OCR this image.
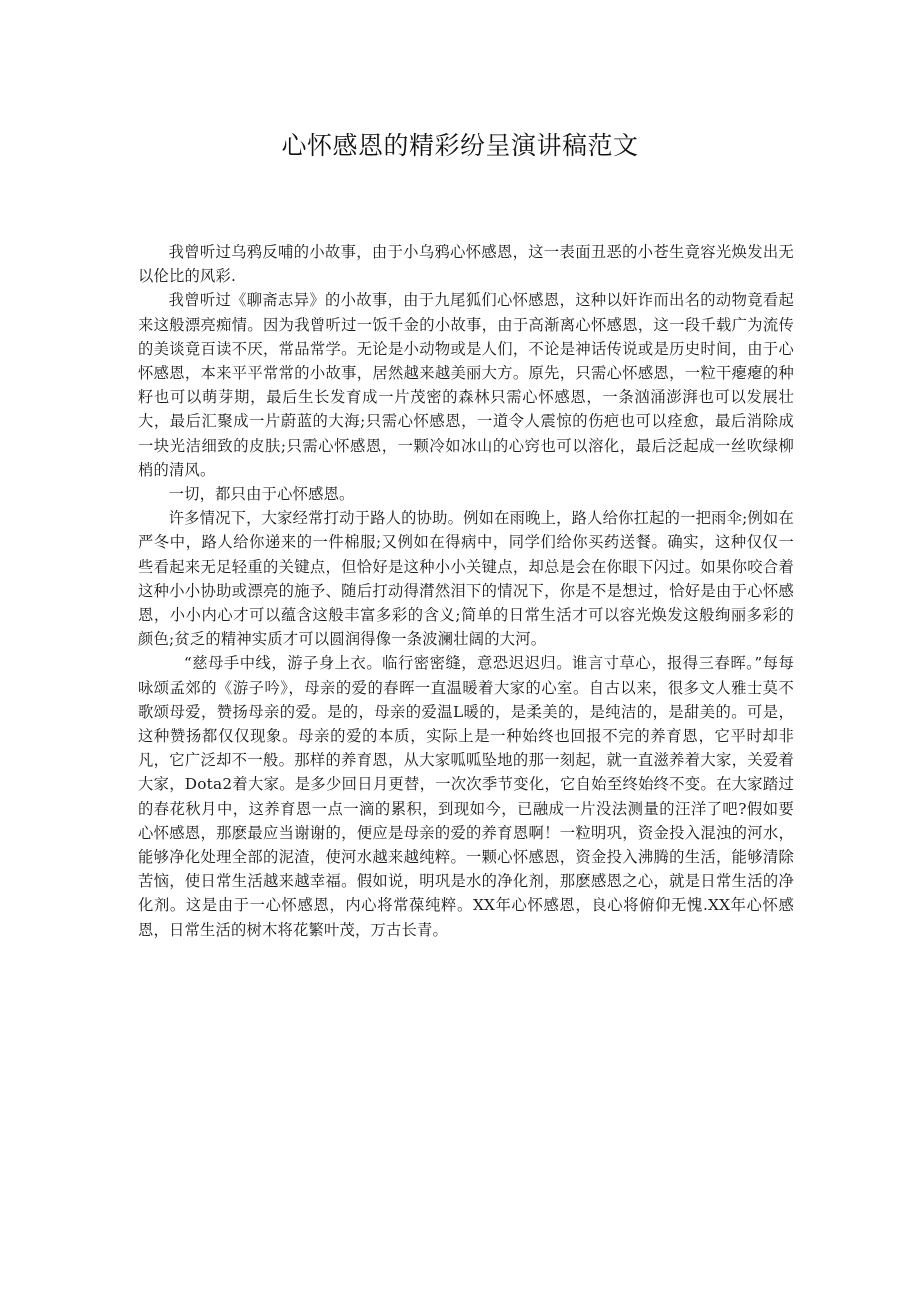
心怀感恩的精彩纷呈演讲稿范文

我曾听过乌鸦反哺的小故事，由于小乌鸦心怀感恩，这一表面丑恶的小苍生竟容光焕发出无以伦比的风彩.

我曾听过《聊斋志异》的小故事，由于九尾狐们心怀感恩，这种以奸诈而出名的动物竟看起来这般漂亮痴情。因为我曾听过一饭千金的小故事，由于高渐离心怀感恩，这一段千载广为流传的美谈竟百读不厌，常品常学。无论是小动物或是人们，不论是神话传说或是历史时间，由于心怀感恩，本来平平常常的小故事，居然越来越美丽大方。原先，只需心怀感恩，一粒干瘪瘪的种籽也可以萌芽期，最后生长发育成一片茂密的森林只需心怀感恩，一条汹涌澎湃也可以发展壮大，最后汇聚成一片蔚蓝的大海;只需心怀感恩，一道令人震惊的伤疤也可以痊愈，最后消除成一块光洁细致的皮肤;只需心怀感恩，一颗冷如冰山的心窍也可以溶化，最后泛起成一丝吹绿柳梢的清风。

一切，都只由于心怀感恩。

许多情况下，大家经常打动于路人的协助。例如在雨晚上，路人给你扛起的一把雨伞;例如在严冬中，路人给你递来的一件棉服;又例如在得病中，同学们给你买药送餐。确实，这种仅仅一些看起来无足轻重的关键点，但恰好是这种小小关键点，却总是会在你眼下闪过。如果你咬合着这种小小协助或漂亮的施予、随后打动得潸然泪下的情况下，你是不是想过，恰好是由于心怀感恩，小小内心才可以蕴含这般丰富多彩的含义;简单的日常生活才可以容光焕发这般绚丽多彩的颜色;贫乏的精神实质才可以圆润得像一条波澜壮阔的大河。

“慈母手中线，游子身上衣。临行密密缝，意恐迟迟归。谁言寸草心，报得三春晖。”每每咏颂孟郊的《游子吟》，母亲的爱的春晖一直温暖着大家的心室。自古以来，很多文人雅士莫不歌颂母爱，赞扬母亲的爱。是的，母亲的爱温L暖的，是柔美的，是纯洁的，是甜美的。可是，这种赞扬都仅仅现象。母亲的爱的本质，实际上是一种始终也回报不完的养育恩，它平时却非凡，它广泛却不一般。那样的养育恩，从大家呱呱坠地的那一刻起，就一直滋养着大家，关爱着大家，Dota2着大家。是多少回日月更替，一次次季节变化，它自始至终始终不变。在大家踏过的春花秋月中，这养育恩一点一滴的累积，到现如今，已融成一片没法测量的汪洋了吧?假如要心怀感恩，那麽最应当谢谢的，便应是母亲的爱的养育恩啊！一粒明巩，资金投入混浊的河水，能够净化处理全部的泥渣，使河水越来越纯粹。一颗心怀感恩，资金投入沸腾的生活，能够清除苦恼，使日常生活越来越幸福。假如说，明巩是水的净化剂，那麽感恩之心，就是日常生活的净化剂。这是由于一心怀感恩，内心将常葆纯粹。XX年心怀感恩，良心将俯仰无愧.XX年心怀感恩，日常生活的树木将花繁叶茂，万古长青。
